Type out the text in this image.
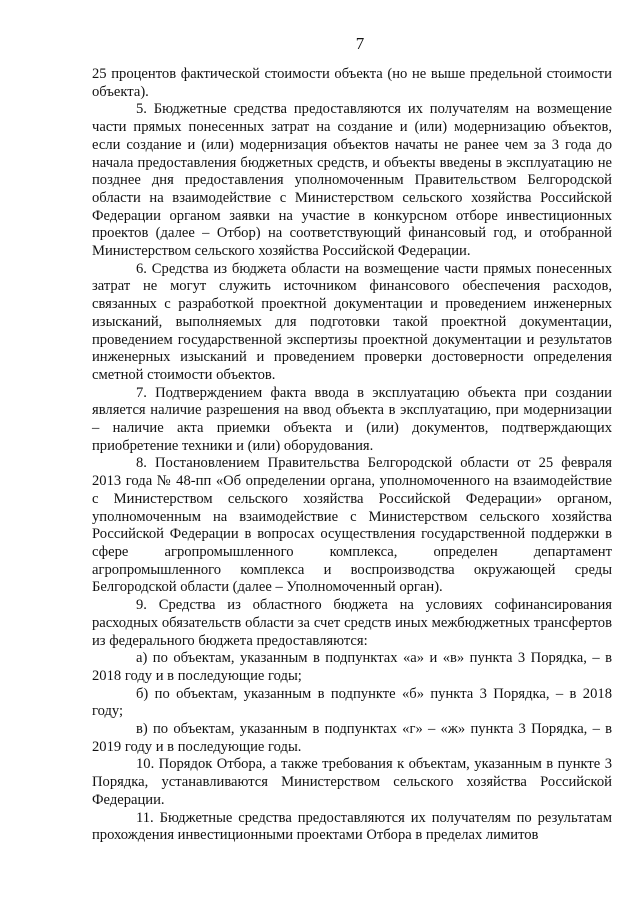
7

25 процентов фактической стоимости объекта (но не выше предельной стоимости объекта).

5. Бюджетные средства предоставляются их получателям на возмещение части прямых понесенных затрат на создание и (или) модернизацию объектов, если создание и (или) модернизация объектов начаты не ранее чем за 3 года до начала предоставления бюджетных средств, и объекты введены в эксплуатацию не позднее дня предоставления уполномоченным Правительством Белгородской области на взаимодействие с Министерством сельского хозяйства Российской Федерации органом заявки на участие в конкурсном отборе инвестиционных проектов (далее – Отбор) на соответствующий финансовый год, и отобранной Министерством сельского хозяйства Российской Федерации.

6. Средства из бюджета области на возмещение части прямых понесенных затрат не могут служить источником финансового обеспечения расходов, связанных с разработкой проектной документации и проведением инженерных изысканий, выполняемых для подготовки такой проектной документации, проведением государственной экспертизы проектной документации и результатов инженерных изысканий и проведением проверки достоверности определения сметной стоимости объектов.

7. Подтверждением факта ввода в эксплуатацию объекта при создании является наличие разрешения на ввод объекта в эксплуатацию, при модернизации – наличие акта приемки объекта и (или) документов, подтверждающих приобретение техники и (или) оборудования.

8. Постановлением Правительства Белгородской области от 25 февраля 2013 года № 48-пп «Об определении органа, уполномоченного на взаимодействие с Министерством сельского хозяйства Российской Федерации» органом, уполномоченным на взаимодействие с Министерством сельского хозяйства Российской Федерации в вопросах осуществления государственной поддержки в сфере агропромышленного комплекса, определен департамент агропромышленного комплекса и воспроизводства окружающей среды Белгородской области (далее – Уполномоченный орган).

9. Средства из областного бюджета на условиях софинансирования расходных обязательств области за счет средств иных межбюджетных трансфертов из федерального бюджета предоставляются:

а) по объектам, указанным в подпунктах «а» и «в» пункта 3 Порядка, – в 2018 году и в последующие годы;

б) по объектам, указанным в подпункте «б» пункта 3 Порядка, – в 2018 году;

в) по объектам, указанным в подпунктах «г» – «ж» пункта 3 Порядка, – в 2019 году и в последующие годы.

10. Порядок Отбора, а также требования к объектам, указанным в пункте 3 Порядка, устанавливаются Министерством сельского хозяйства Российской Федерации.

11. Бюджетные средства предоставляются их получателям по результатам прохождения инвестиционными проектами Отбора в пределах лимитов
